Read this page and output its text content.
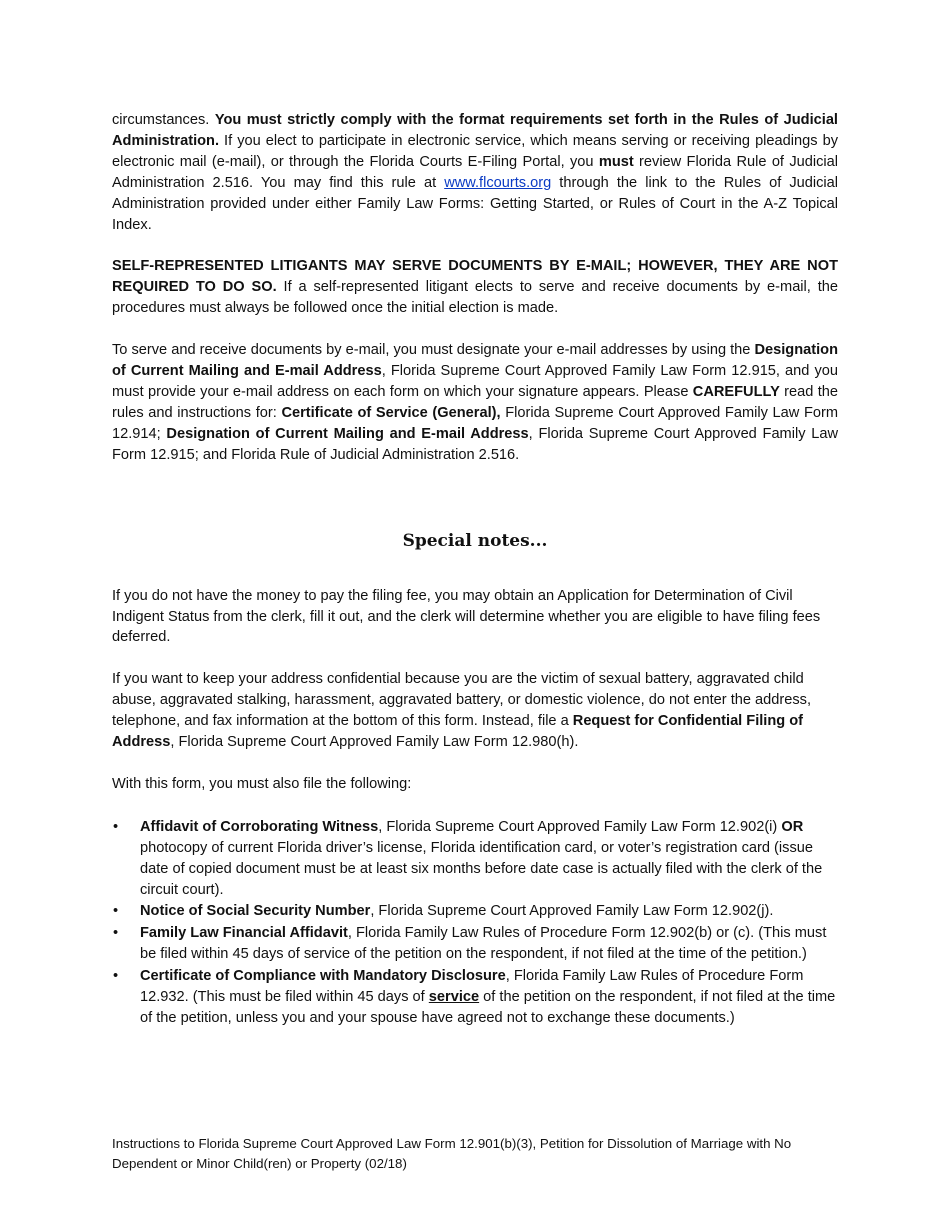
circumstances. You must strictly comply with the format requirements set forth in the Rules of Judicial Administration. If you elect to participate in electronic service, which means serving or receiving pleadings by electronic mail (e-mail), or through the Florida Courts E-Filing Portal, you must review Florida Rule of Judicial Administration 2.516. You may find this rule at www.flcourts.org through the link to the Rules of Judicial Administration provided under either Family Law Forms: Getting Started, or Rules of Court in the A-Z Topical Index.

SELF-REPRESENTED LITIGANTS MAY SERVE DOCUMENTS BY E-MAIL; HOWEVER, THEY ARE NOT REQUIRED TO DO SO. If a self-represented litigant elects to serve and receive documents by e-mail, the procedures must always be followed once the initial election is made.

To serve and receive documents by e-mail, you must designate your e-mail addresses by using the Designation of Current Mailing and E-mail Address, Florida Supreme Court Approved Family Law Form 12.915, and you must provide your e-mail address on each form on which your signature appears. Please CAREFULLY read the rules and instructions for: Certificate of Service (General), Florida Supreme Court Approved Family Law Form 12.914; Designation of Current Mailing and E-mail Address, Florida Supreme Court Approved Family Law Form 12.915; and Florida Rule of Judicial Administration 2.516.

Special notes...

If you do not have the money to pay the filing fee, you may obtain an Application for Determination of Civil Indigent Status from the clerk, fill it out, and the clerk will determine whether you are eligible to have filing fees deferred.

If you want to keep your address confidential because you are the victim of sexual battery, aggravated child abuse, aggravated stalking, harassment, aggravated battery, or domestic violence, do not enter the address, telephone, and fax information at the bottom of this form. Instead, file a Request for Confidential Filing of Address, Florida Supreme Court Approved Family Law Form 12.980(h).

With this form, you must also file the following:

• Affidavit of Corroborating Witness, Florida Supreme Court Approved Family Law Form 12.902(i) OR photocopy of current Florida driver’s license, Florida identification card, or voter’s registration card (issue date of copied document must be at least six months before date case is actually filed with the clerk of the circuit court).
• Notice of Social Security Number, Florida Supreme Court Approved Family Law Form 12.902(j).
• Family Law Financial Affidavit, Florida Family Law Rules of Procedure Form 12.902(b) or (c). (This must be filed within 45 days of service of the petition on the respondent, if not filed at the time of the petition.)
• Certificate of Compliance with Mandatory Disclosure, Florida Family Law Rules of Procedure Form 12.932. (This must be filed within 45 days of service of the petition on the respondent, if not filed at the time of the petition, unless you and your spouse have agreed not to exchange these documents.)
Instructions to Florida Supreme Court Approved Law Form 12.901(b)(3), Petition for Dissolution of Marriage with No Dependent or Minor Child(ren) or Property (02/18)
